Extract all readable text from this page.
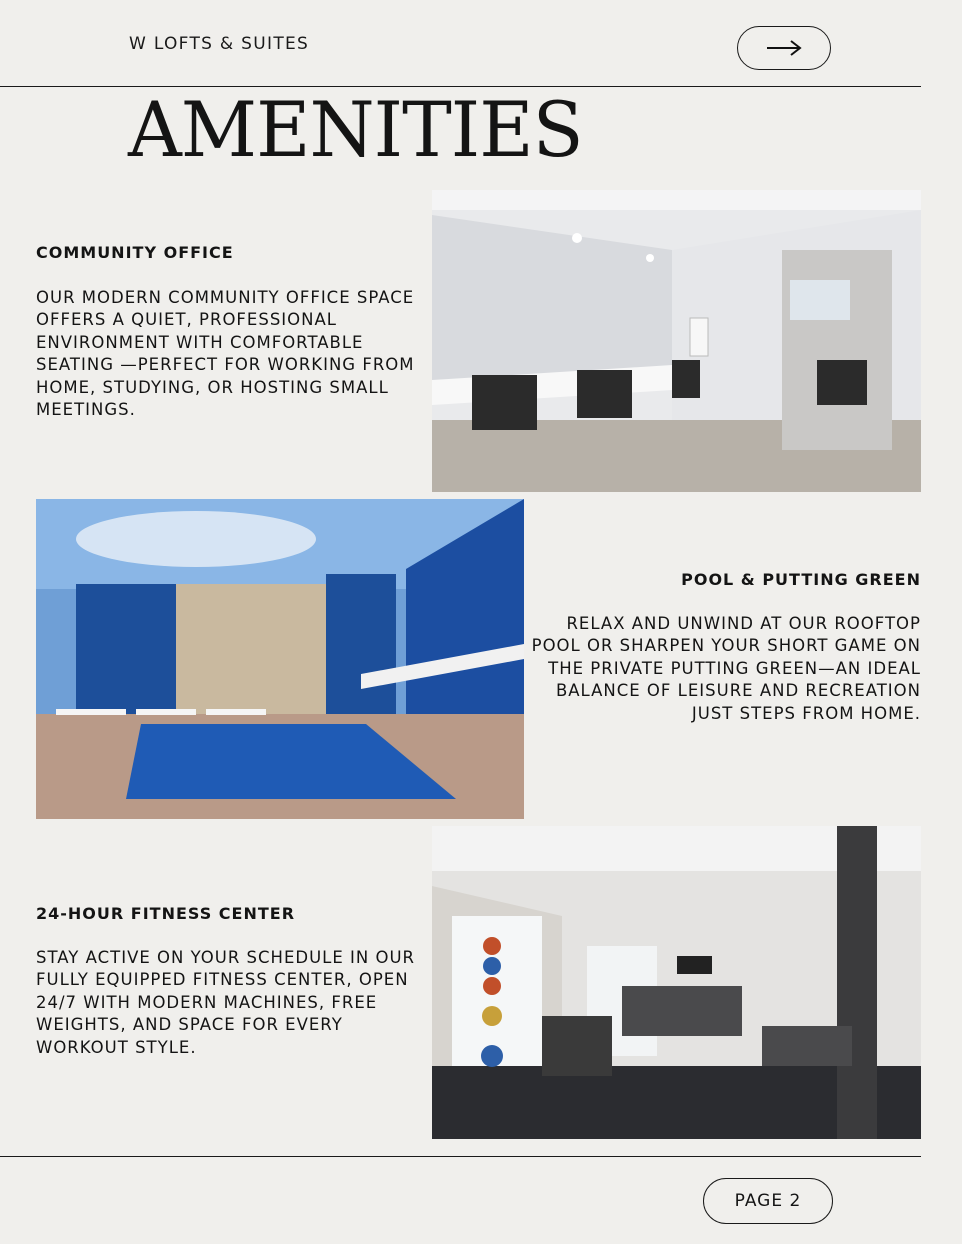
W LOFTS & SUITES
AMENITIES
COMMUNITY OFFICE

OUR MODERN COMMUNITY OFFICE SPACE OFFERS A QUIET, PROFESSIONAL ENVIRONMENT WITH COMFORTABLE SEATING —PERFECT FOR WORKING FROM HOME, STUDYING, OR HOSTING SMALL MEETINGS.

POOL & PUTTING GREEN

RELAX AND UNWIND AT OUR ROOFTOP POOL OR SHARPEN YOUR SHORT GAME ON THE PRIVATE PUTTING GREEN—AN IDEAL BALANCE OF LEISURE AND RECREATION JUST STEPS FROM HOME.

24-HOUR FITNESS CENTER

STAY ACTIVE ON YOUR SCHEDULE IN OUR FULLY EQUIPPED FITNESS CENTER, OPEN 24/7 WITH MODERN MACHINES, FREE WEIGHTS, AND SPACE FOR EVERY WORKOUT STYLE.

PAGE 2
